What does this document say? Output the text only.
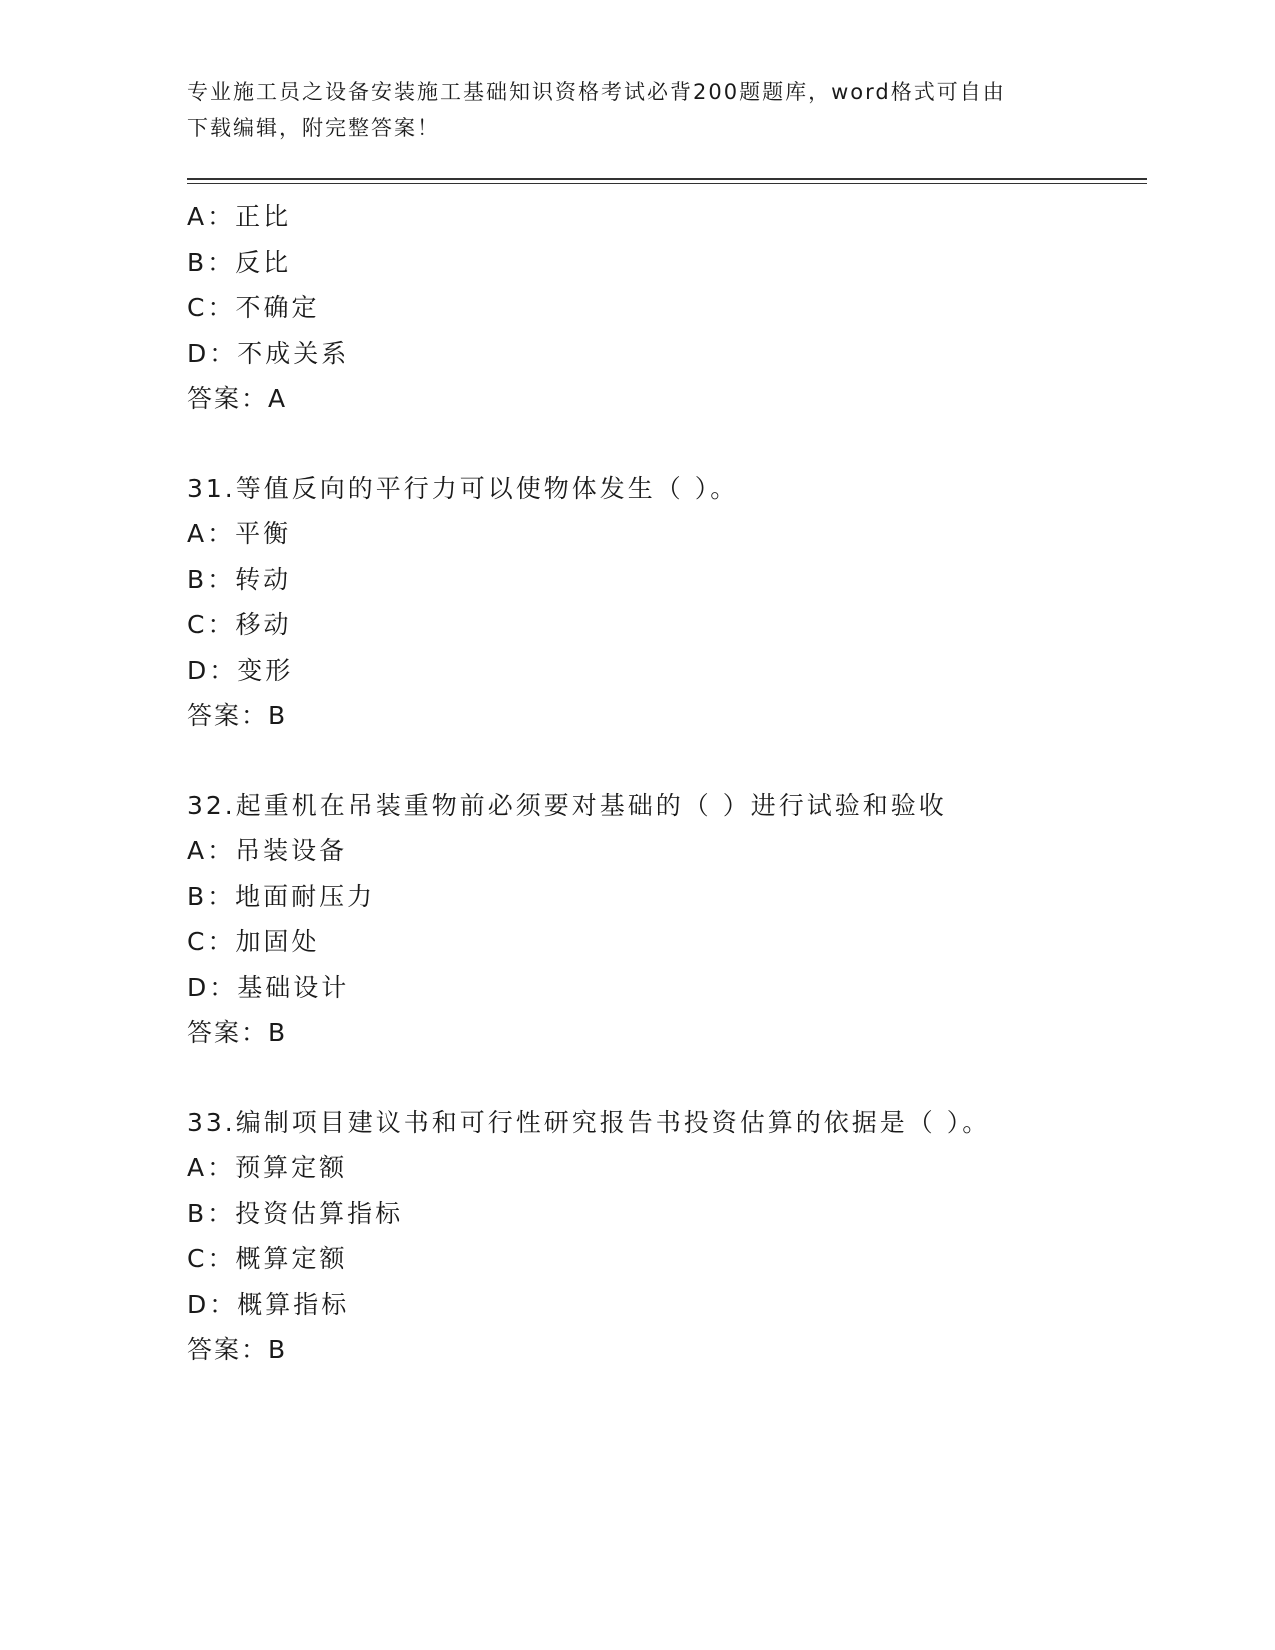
专业施工员之设备安装施工基础知识资格考试必背200题题库，word格式可自由
下载编辑，附完整答案！
A：正比
B：反比
C：不确定
D：不成关系
答案：A
31.等值反向的平行力可以使物体发生（ ）。
A：平衡
B：转动
C：移动
D：变形
答案：B
32.起重机在吊装重物前必须要对基础的（ ）进行试验和验收
A：吊装设备
B：地面耐压力
C：加固处
D：基础设计
答案：B
33.编制项目建议书和可行性研究报告书投资估算的依据是（ ）。
A：预算定额
B：投资估算指标
C：概算定额
D：概算指标
答案：B
